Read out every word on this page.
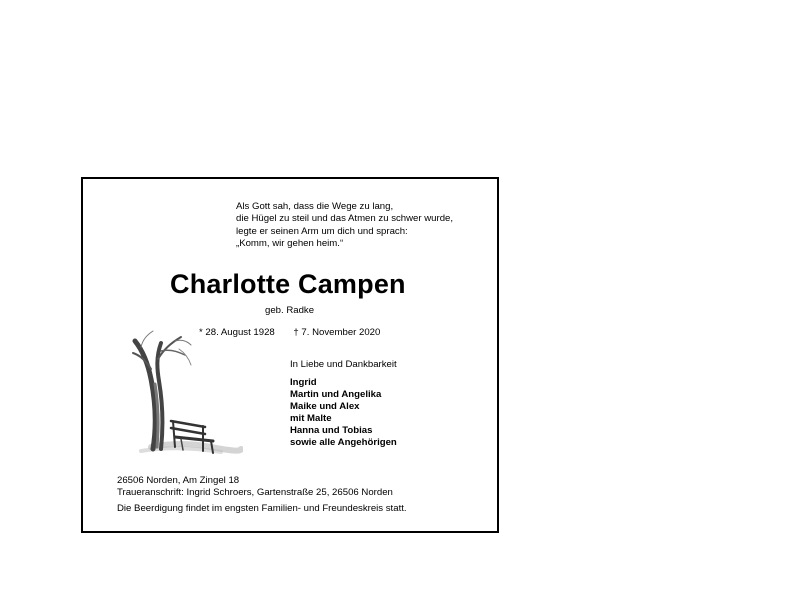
Als Gott sah, dass die Wege zu lang,
die Hügel zu steil und das Atmen zu schwer wurde,
legte er seinen Arm um dich und sprach:
„Komm, wir gehen heim.“
Charlotte Campen
geb. Radke
* 28. August 1928 † 7. November 2020
In Liebe und Dankbarkeit
Ingrid
Martin und Angelika
Maike und Alex
mit Malte
Hanna und Tobias
sowie alle Angehörigen
26506 Norden, Am Zingel 18
Traueranschrift: Ingrid Schroers, Gartenstraße 25, 26506 Norden
Die Beerdigung findet im engsten Familien- und Freundeskreis statt.
